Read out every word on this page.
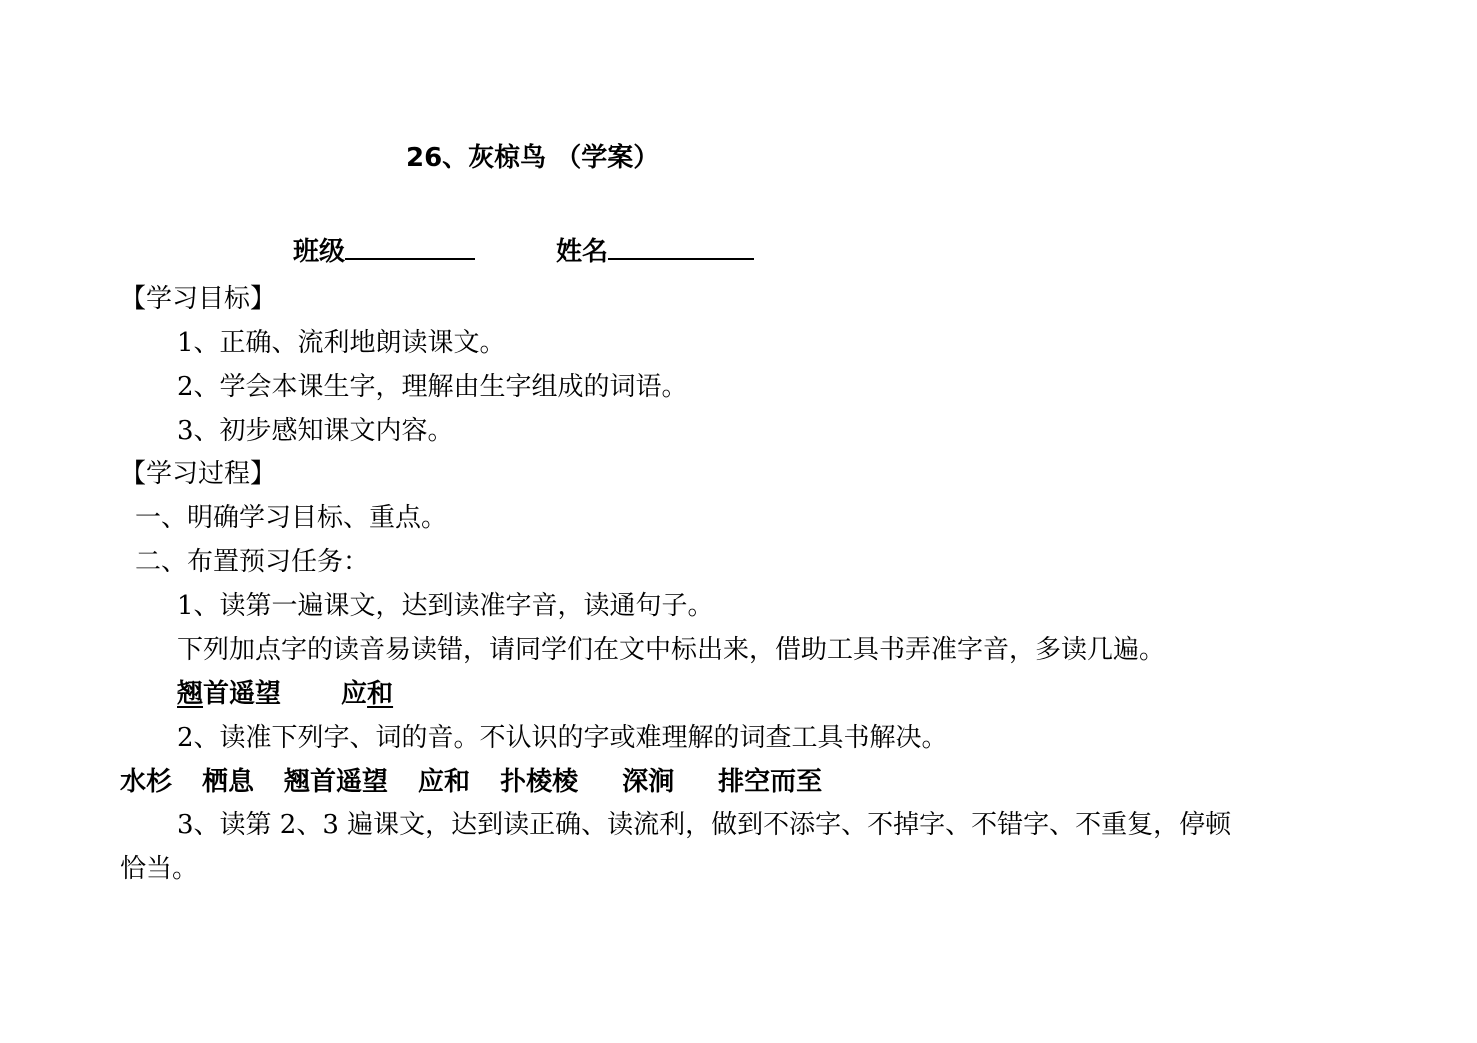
26、灰椋鸟 （学案）
班级	姓名
【学习目标】
1、正确、流利地朗读课文。
2、学会本课生字，理解由生字组成的词语。
3、初步感知课文内容。
【学习过程】
一、明确学习目标、重点。
二、布置预习任务：
1、读第一遍课文，达到读准字音，读通句子。
下列加点字的读音易读错，请同学们在文中标出来，借助工具书弄准字音，多读几遍。
翘首遥望 应和
2、读准下列字、词的音。不认识的字或难理解的词查工具书解决。
水杉 栖息 翘首遥望 应和 扑棱棱 深涧 排空而至
3、读第 2、3 遍课文，达到读正确、读流利，做到不添字、不掉字、不错字、不重复，停顿
恰当。
